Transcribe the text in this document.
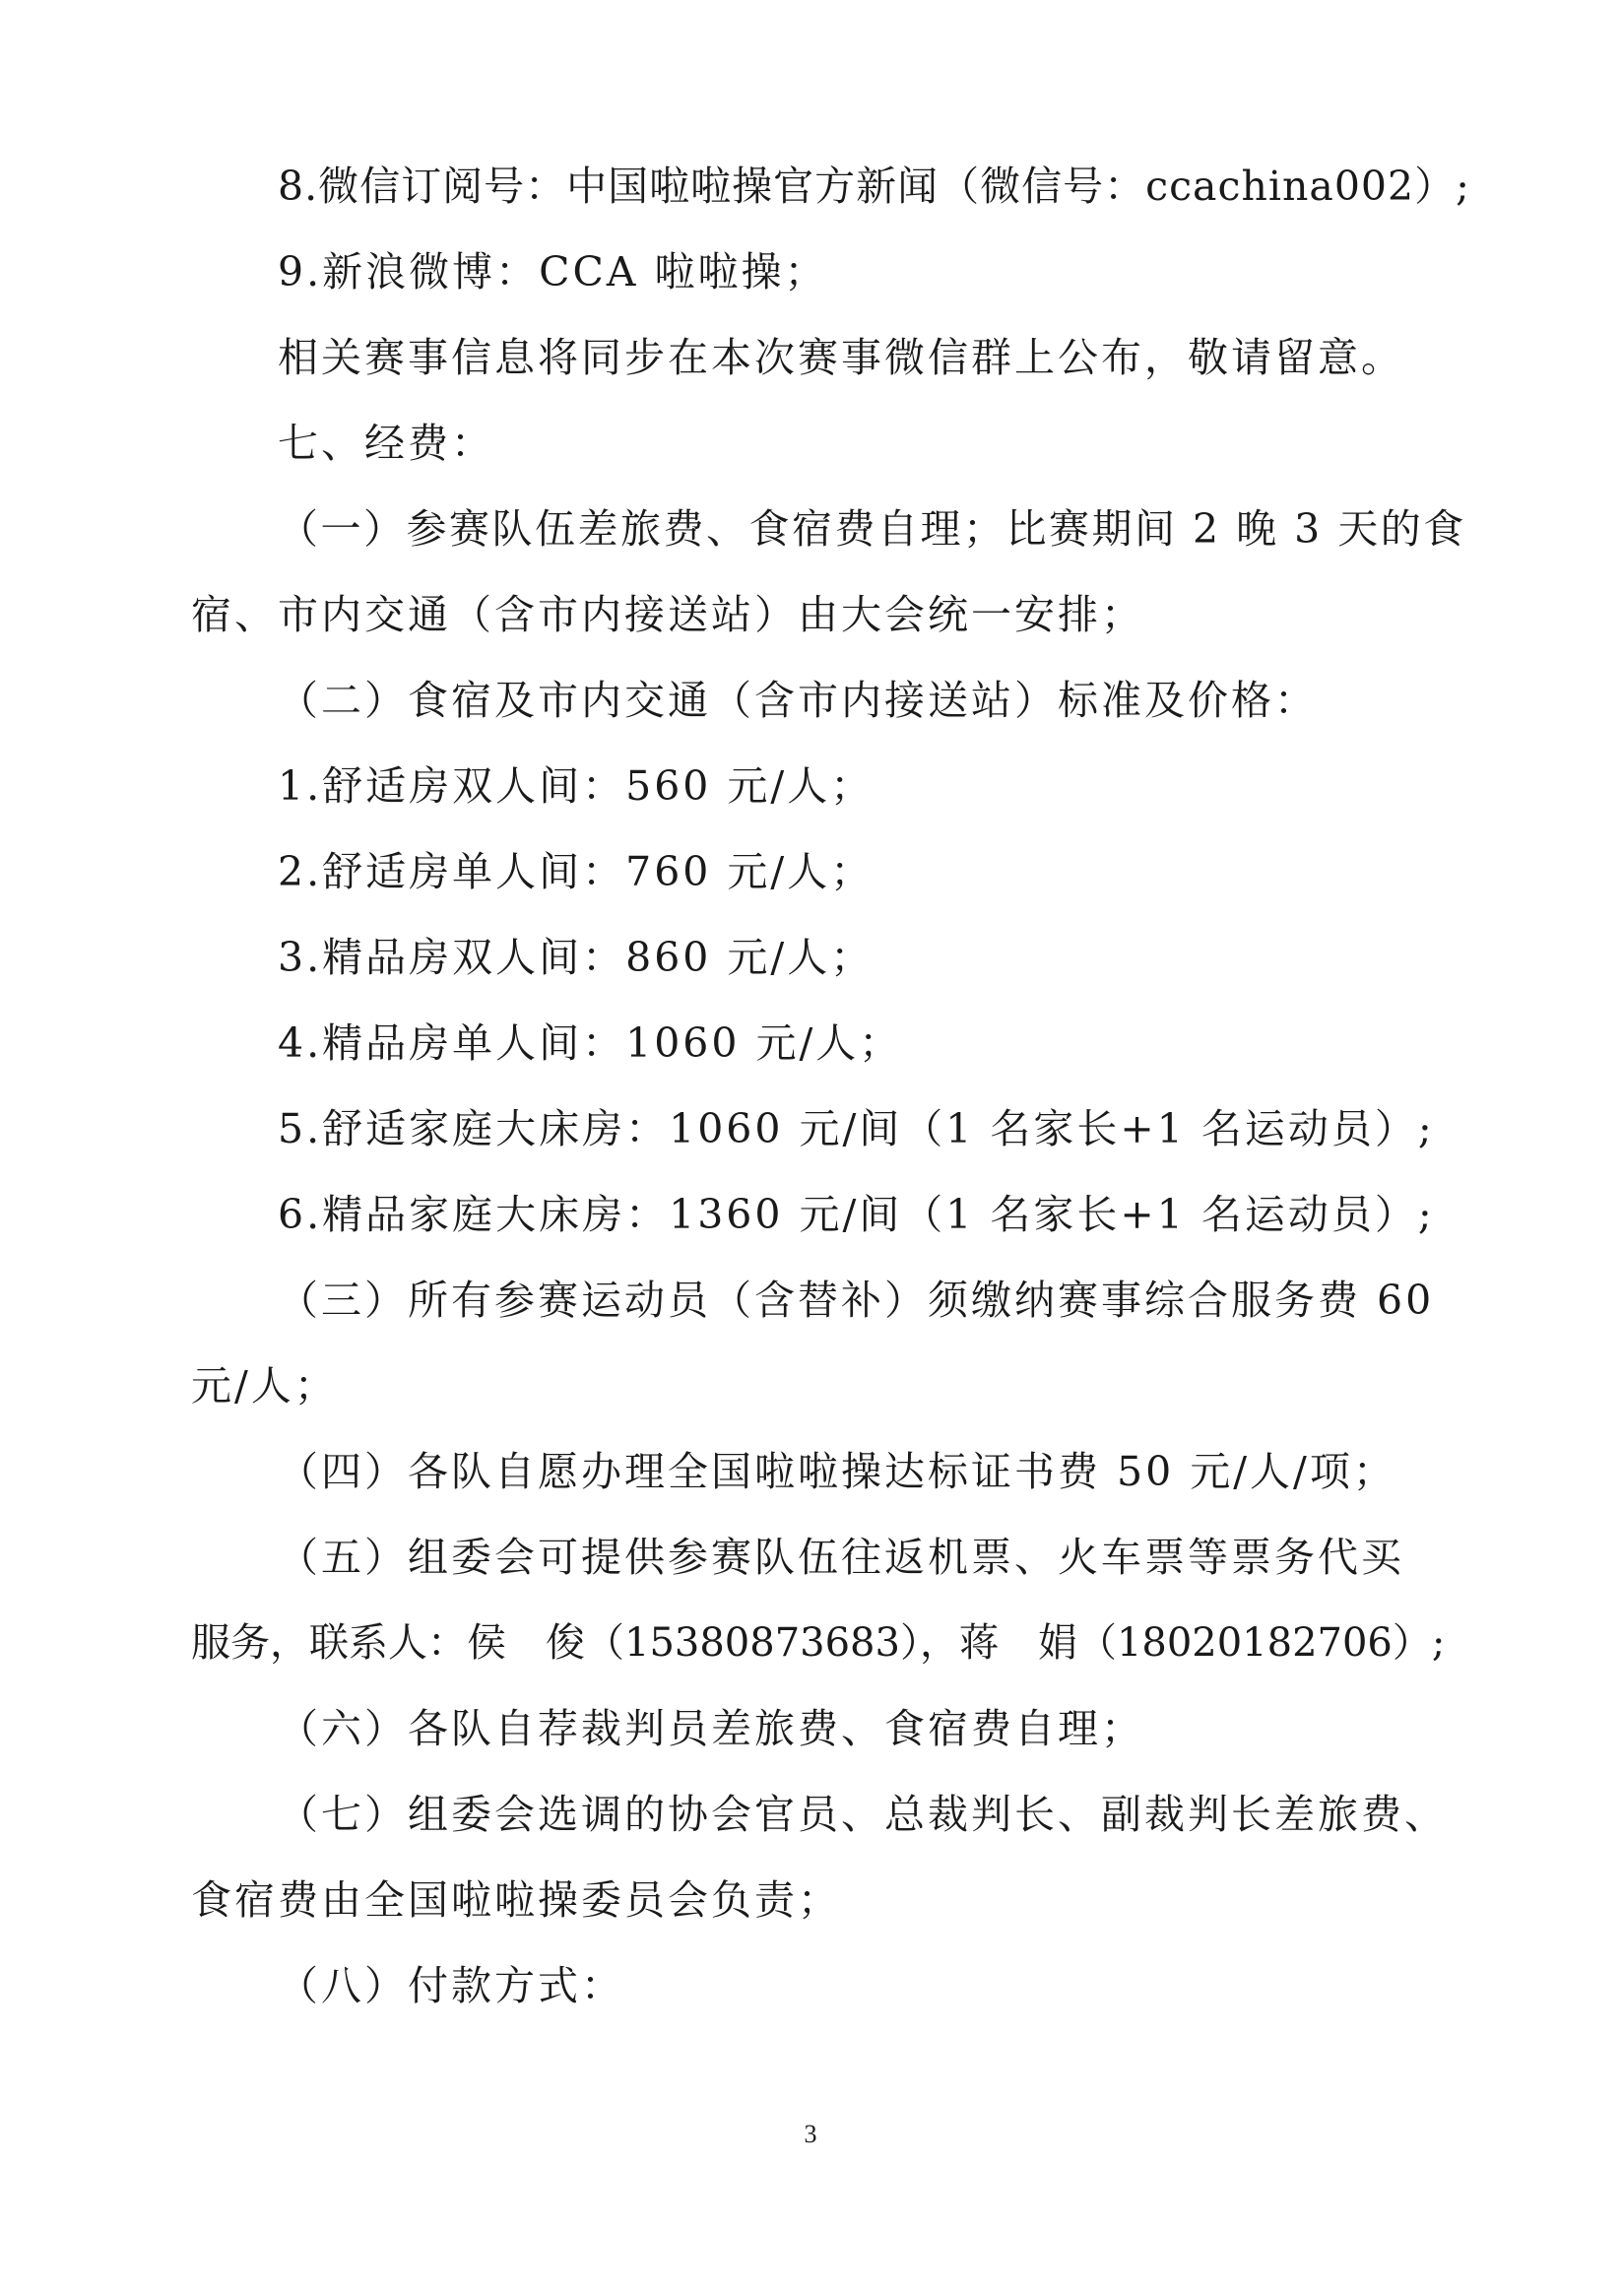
8.微信订阅号：中国啦啦操官方新闻（微信号：ccachina002）;

9.新浪微博：CCA 啦啦操；

相关赛事信息将同步在本次赛事微信群上公布，敬请留意。

七、经费：

（一）参赛队伍差旅费、食宿费自理；比赛期间 2 晚 3 天的食

宿、市内交通（含市内接送站）由大会统一安排；

（二）食宿及市内交通（含市内接送站）标准及价格：

1.舒适房双人间：560 元/人；

2.舒适房单人间：760 元/人；

3.精品房双人间：860 元/人；

4.精品房单人间：1060 元/人；

5.舒适家庭大床房：1060 元/间（1 名家长+1 名运动员）;

6.精品家庭大床房：1360 元/间（1 名家长+1 名运动员）;

（三）所有参赛运动员（含替补）须缴纳赛事综合服务费 60

元/人；

（四）各队自愿办理全国啦啦操达标证书费 50 元/人/项；

（五）组委会可提供参赛队伍往返机票、火车票等票务代买

服务，联系人：侯　俊（15380873683），蒋　娟（18020182706）;

（六）各队自荐裁判员差旅费、食宿费自理；

（七）组委会选调的协会官员、总裁判长、副裁判长差旅费、

食宿费由全国啦啦操委员会负责；

（八）付款方式：

3
